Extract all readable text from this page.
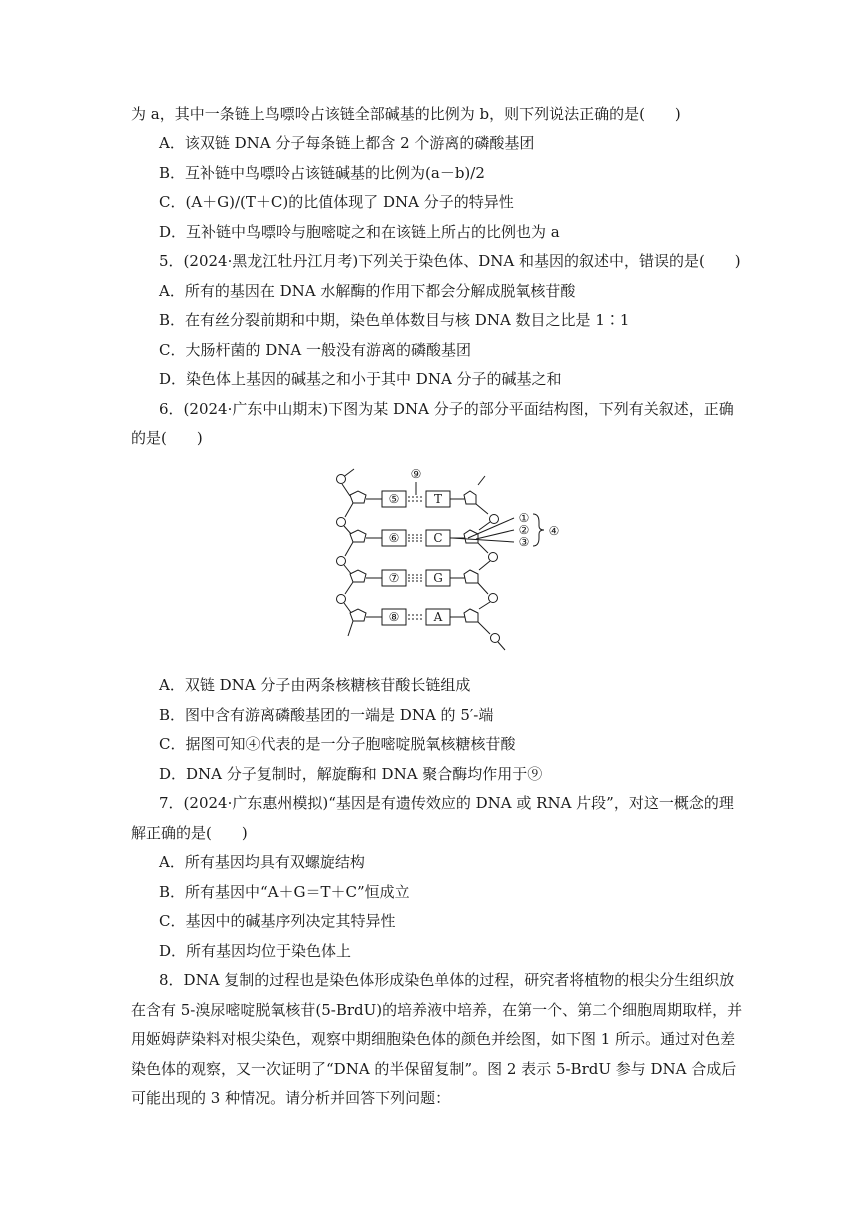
为 a，其中一条链上鸟嘌呤占该链全部碱基的比例为 b，则下列说法正确的是(　　)
A．该双链 DNA 分子每条链上都含 2 个游离的磷酸基团
B．互补链中鸟嘌呤占该链碱基的比例为(a－b)/2
C．(A＋G)/(T＋C)的比值体现了 DNA 分子的特异性
D．互补链中鸟嘌呤与胞嘧啶之和在该链上所占的比例也为 a
5．(2024·黑龙江牡丹江月考)下列关于染色体、DNA 和基因的叙述中，错误的是(　　)
A．所有的基因在 DNA 水解酶的作用下都会分解成脱氧核苷酸
B．在有丝分裂前期和中期，染色单体数目与核 DNA 数目之比是 1∶1
C．大肠杆菌的 DNA 一般没有游离的磷酸基团
D．染色体上基因的碱基之和小于其中 DNA 分子的碱基之和
6．(2024·广东中山期末)下图为某 DNA 分子的部分平面结构图，下列有关叙述，正确
的是(　　)
⑤
⑥
⑦
⑧
T
C
G
A
⑨
①
②
③
④
A．双链 DNA 分子由两条核糖核苷酸长链组成
B．图中含有游离磷酸基团的一端是 DNA 的 5′-端
C．据图可知④代表的是一分子胞嘧啶脱氧核糖核苷酸
D．DNA 分子复制时，解旋酶和 DNA 聚合酶均作用于⑨
7．(2024·广东惠州模拟)“基因是有遗传效应的 DNA 或 RNA 片段”，对这一概念的理
解正确的是(　　)
A．所有基因均具有双螺旋结构
B．所有基因中“A＋G＝T＋C”恒成立
C．基因中的碱基序列决定其特异性
D．所有基因均位于染色体上
8．DNA 复制的过程也是染色体形成染色单体的过程，研究者将植物的根尖分生组织放
在含有 5-溴尿嘧啶脱氧核苷(5-BrdU)的培养液中培养，在第一个、第二个细胞周期取样，并
用姬姆萨染料对根尖染色，观察中期细胞染色体的颜色并绘图，如下图 1 所示。通过对色差
染色体的观察，又一次证明了“DNA 的半保留复制”。图 2 表示 5-BrdU 参与 DNA 合成后
可能出现的 3 种情况。请分析并回答下列问题：
